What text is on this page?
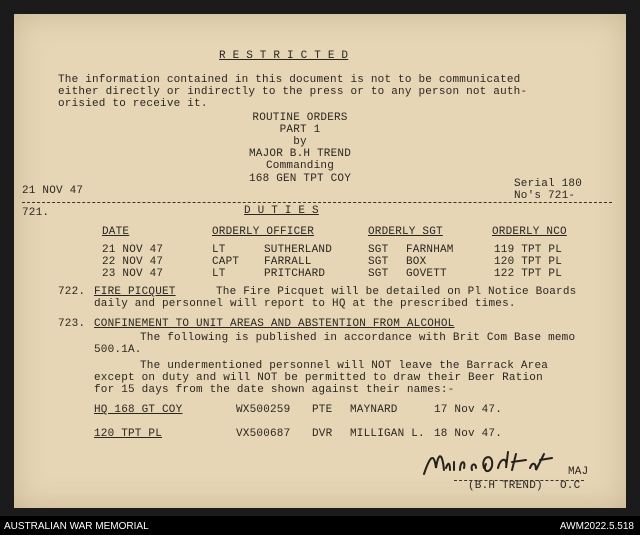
R E S T R I C T E D
The information contained in this document is not to be communicated
either directly or indirectly to the press or to any person not auth-
orisied to receive it.
ROUTINE ORDERS
PART 1
by
MAJOR B.H TREND
Commanding
168 GEN TPT COY
21 NOV 47
Serial 180
No's 721-
721.	D U T I E S
DATE	ORDERLY OFFICER	ORDERLY SGT	ORDERLY NCO
21 NOV 47	LT	SUTHERLAND	SGT FARNHAM	119 TPT PL
22 NOV 47	CAPT FARRALL	SGT BOX	120 TPT PL
23 NOV 47	LT	PRITCHARD	SGT GOVETT	122 TPT PL
722. FIRE PICQUET	The Fire Picquet will be detailed on Pl Notice Boards
daily and personnel will report to HQ at the prescribed times.
723. CONFINEMENT TO UNIT AREAS AND ABSTENTION FROM ALCOHOL
The following is published in accordance with Brit Com Base memo
500.1A.
The undermentioned personnel will NOT leave the Barrack Area
except on duty and will NOT be permitted to draw their Beer Ration
for 15 days from the date shown against their names:-
HQ 168 GT COY	WX500259 PTE MAYNARD	17 Nov 47.
120 TPT PL	VX500687 DVR MILLIGAN L. 18 Nov 47.
MAJ
(B.H TREND) O.C
AUSTRALIAN WAR MEMORIAL	AWM2022.5.518
